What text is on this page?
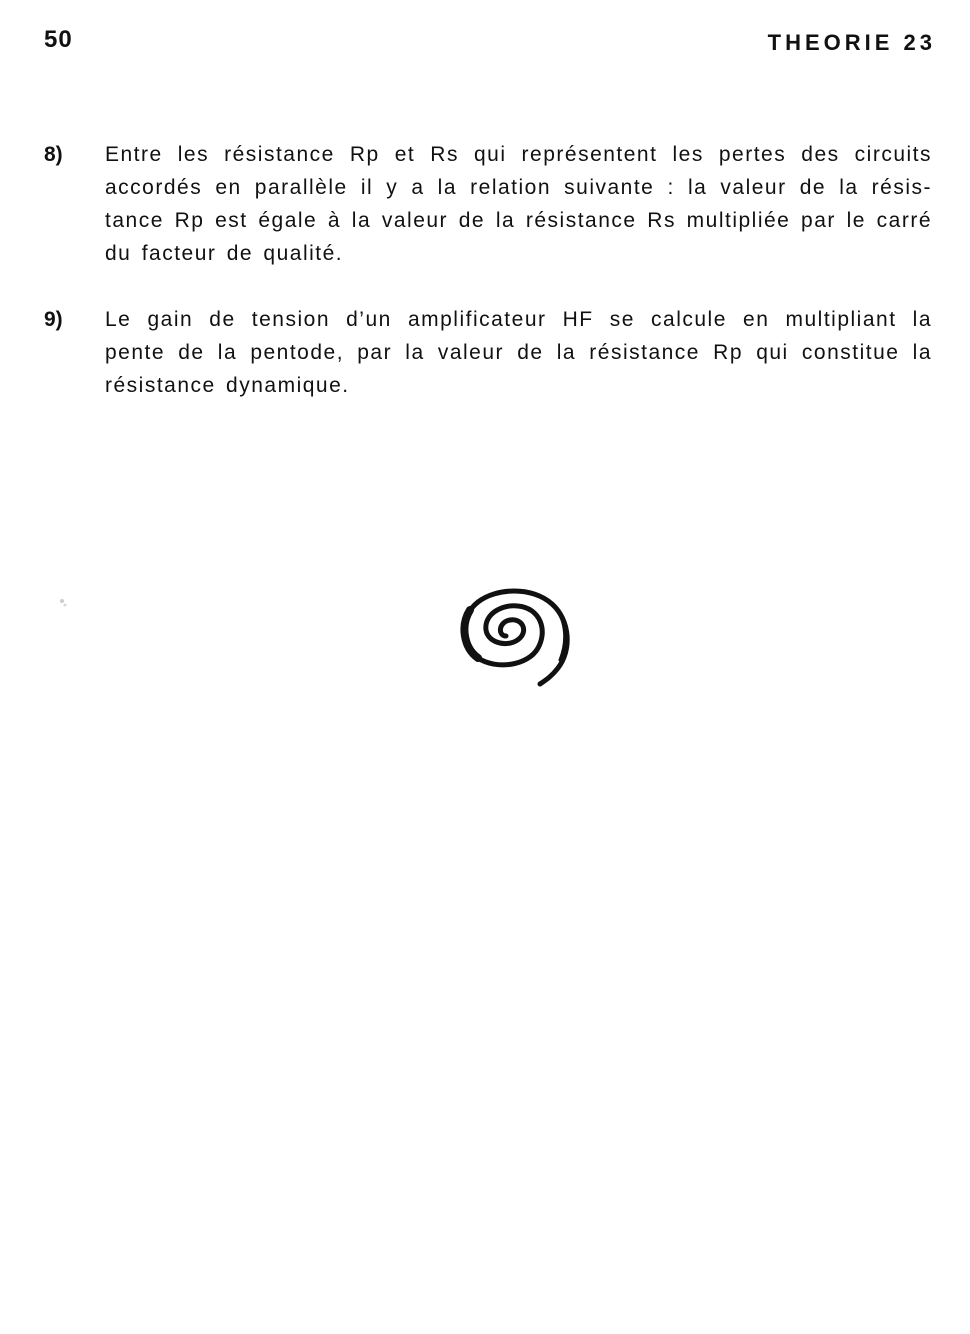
50	THEORIE 23
8) Entre les résistance Rp et Rs qui représentent les pertes des circuits accordés en parallèle il y a la relation suivante : la valeur de la résis-tance Rp est égale à la valeur de la résistance Rs multipliée par le carré du facteur de qualité.
9) Le gain de tension d’un amplificateur HF se calcule en multipliant la pente de la pentode, par la valeur de la résistance Rp qui constitue la résistance dynamique.
